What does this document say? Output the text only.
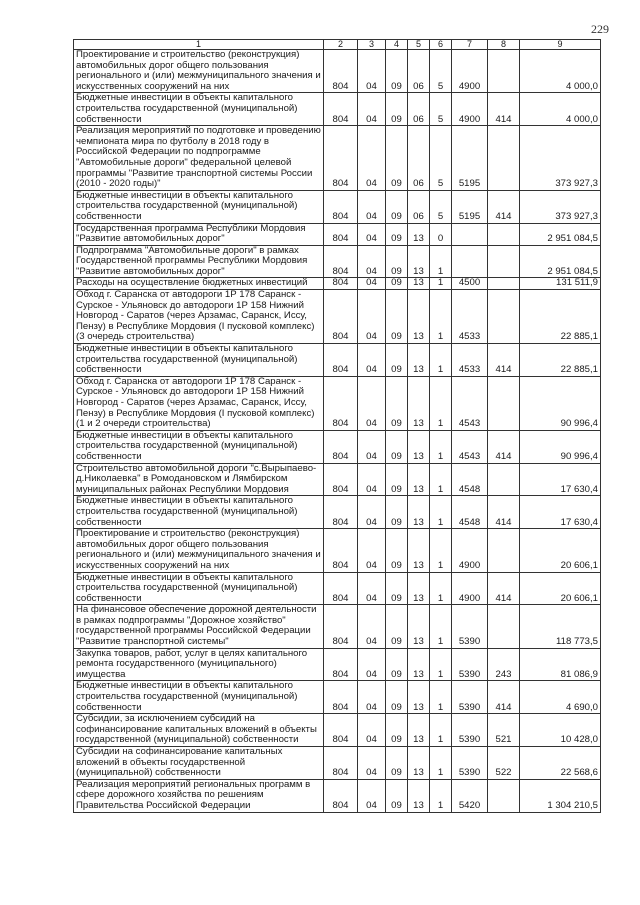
229
1	2	3	4	5	6	7	8	9
Проектирование и строительство (реконструкция) автомобильных дорог общего пользования регионального и (или) межмуниципального значения и искусственных сооружений на них	804	04	09	06	5	4900		4 000,0
Бюджетные инвестиции в объекты капитального строительства государственной (муниципальной) собственности	804	04	09	06	5	4900	414	4 000,0
Реализация мероприятий по подготовке и проведению чемпионата мира по футболу в 2018 году в Российской Федерации по подпрограмме "Автомобильные дороги" федеральной целевой программы "Развитие транспортной системы России (2010 - 2020 годы)"	804	04	09	06	5	5195		373 927,3
Бюджетные инвестиции в объекты капитального строительства государственной (муниципальной) собственности	804	04	09	06	5	5195	414	373 927,3
Государственная программа Республики Мордовия "Развитие автомобильных дорог"	804	04	09	13	0			2 951 084,5
Подпрограмма "Автомобильные дороги" в рамках Государственной программы Республики Мордовия "Развитие автомобильных дорог"	804	04	09	13	1			2 951 084,5
Расходы на осуществление бюджетных инвестиций	804	04	09	13	1	4500		131 511,9
Обход г. Саранска от автодороги 1Р 178 Саранск - Сурское - Ульяновск до автодороги 1Р 158 Нижний Новгород - Саратов (через Арзамас, Саранск, Иссу, Пензу) в Республике Мордовия (I пусковой комплекс) (3 очередь строительства)	804	04	09	13	1	4533		22 885,1
Бюджетные инвестиции в объекты капитального строительства государственной (муниципальной) собственности	804	04	09	13	1	4533	414	22 885,1
Обход г. Саранска от автодороги 1Р 178 Саранск - Сурское - Ульяновск до автодороги 1Р 158 Нижний Новгород - Саратов (через Арзамас, Саранск, Иссу, Пензу) в Республике Мордовия (I пусковой комплекс) (1 и 2 очереди строительства)	804	04	09	13	1	4543		90 996,4
Бюджетные инвестиции в объекты капитального строительства государственной (муниципальной) собственности	804	04	09	13	1	4543	414	90 996,4
Строительство автомобильной дороги "с.Вырыпаево-д.Николаевка" в Ромодановском и Лямбирском муниципальных районах Республики Мордовия	804	04	09	13	1	4548		17 630,4
Бюджетные инвестиции в объекты капитального строительства государственной (муниципальной) собственности	804	04	09	13	1	4548	414	17 630,4
Проектирование и строительство (реконструкция) автомобильных дорог общего пользования регионального и (или) межмуниципального значения и искусственных сооружений на них	804	04	09	13	1	4900		20 606,1
Бюджетные инвестиции в объекты капитального строительства государственной (муниципальной) собственности	804	04	09	13	1	4900	414	20 606,1
На финансовое обеспечение дорожной деятельности в рамках подпрограммы "Дорожное хозяйство" государственной программы Российской Федерации "Развитие транспортной системы"	804	04	09	13	1	5390		118 773,5
Закупка товаров, работ, услуг в целях капитального ремонта государственного (муниципального) имущества	804	04	09	13	1	5390	243	81 086,9
Бюджетные инвестиции в объекты капитального строительства государственной (муниципальной) собственности	804	04	09	13	1	5390	414	4 690,0
Субсидии, за исключением субсидий на софинансирование капитальных вложений в объекты государственной (муниципальной) собственности	804	04	09	13	1	5390	521	10 428,0
Субсидии на софинансирование капитальных вложений в объекты государственной (муниципальной) собственности	804	04	09	13	1	5390	522	22 568,6
Реализация мероприятий региональных программ в сфере дорожного хозяйства по решениям Правительства Российской Федерации	804	04	09	13	1	5420		1 304 210,5
